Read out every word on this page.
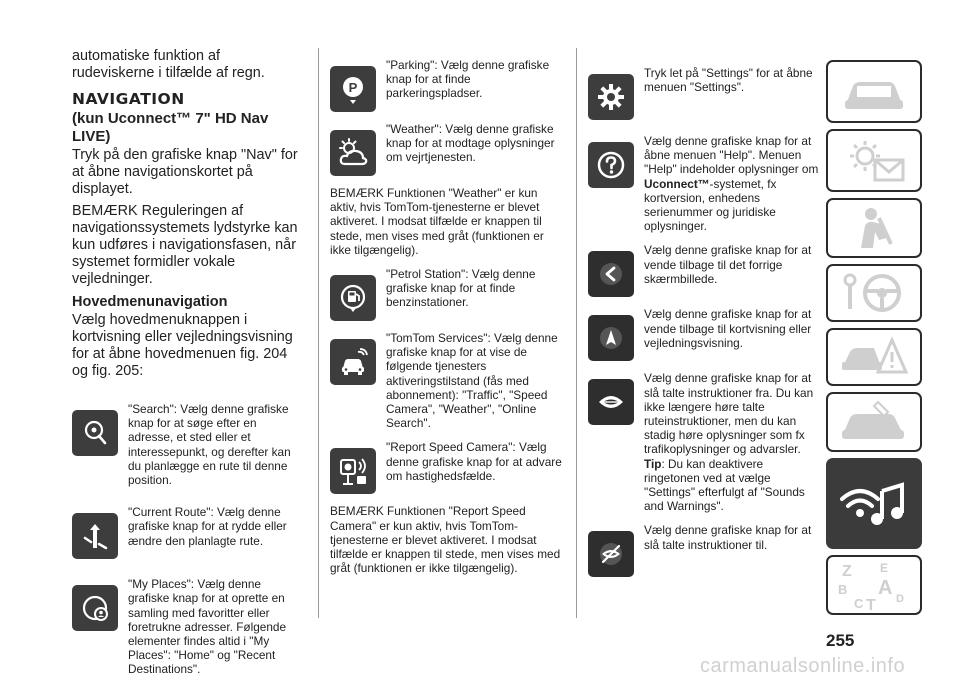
automatiske funktion af rudeviskerne i tilfælde af regn.

NAVIGATION
(kun Uconnect™ 7" HD Nav LIVE)

Tryk på den grafiske knap "Nav" for at åbne navigationskortet på displayet.

BEMÆRK Reguleringen af navigationssystemets lydstyrke kan kun udføres i navigationsfasen, når systemet formidler vokale vejledninger.

Hovedmenunavigation

Vælg hovedmenuknappen i kortvisning eller vejledningsvisning for at åbne hovedmenuen fig. 204 og fig. 205:

"Search": Vælg denne grafiske knap for at søge efter en adresse, et sted eller et interessepunkt, og derefter kan du planlægge en rute til denne position.
"Current Route": Vælg denne grafiske knap for at rydde eller ændre den planlagte rute.
"My Places": Vælg denne grafiske knap for at oprette en samling med favoritter eller foretrukne adresser. Følgende elementer findes altid i "My Places": "Home" og "Recent Destinations".
P
"Parking": Vælg denne grafiske knap for at finde parkeringspladser.
"Weather": Vælg denne grafiske knap for at modtage oplysninger om vejrtjenesten.

BEMÆRK Funktionen "Weather" er kun aktiv, hvis TomTom-tjenesterne er blevet aktiveret. I modsat tilfælde er knappen til stede, men vises med gråt (funktionen er ikke tilgængelig).

"Petrol Station": Vælg denne grafiske knap for at finde benzinstationer.
"TomTom Services": Vælg denne grafiske knap for at vise de følgende tjenesters aktiveringstilstand (fås med abonnement): "Traffic", "Speed Camera", "Weather", "Online Search".
"Report Speed Camera": Vælg denne grafiske knap for at advare om hastighedsfælde.

BEMÆRK Funktionen "Report Speed Camera" er kun aktiv, hvis TomTom-tjenesterne er blevet aktiveret. I modsat tilfælde er knappen til stede, men vises med gråt (funktionen er ikke tilgængelig).

Tryk let på "Settings" for at åbne menuen "Settings".
Vælg denne grafiske knap for at åbne menuen "Help". Menuen "Help" indeholder oplysninger om Uconnect™-systemet, fx kortversion, enhedens serienummer og juridiske oplysninger.
Vælg denne grafiske knap for at vende tilbage til det forrige skærmbillede.
Vælg denne grafiske knap for at vende tilbage til kortvisning eller vejledningsvisning.
Vælg denne grafiske knap for at slå talte instruktioner fra. Du kan ikke længere høre talte ruteinstruktioner, men du kan stadig høre oplysninger som fx trafikoplysninger og advarsler. Tip: Du kan deaktivere ringetonen ved at vælge "Settings" efterfulgt af "Sounds and Warnings".
Vælg denne grafiske knap for at slå talte instruktioner til.
Z E
B A
C T D
255
carmanualsonline.info
